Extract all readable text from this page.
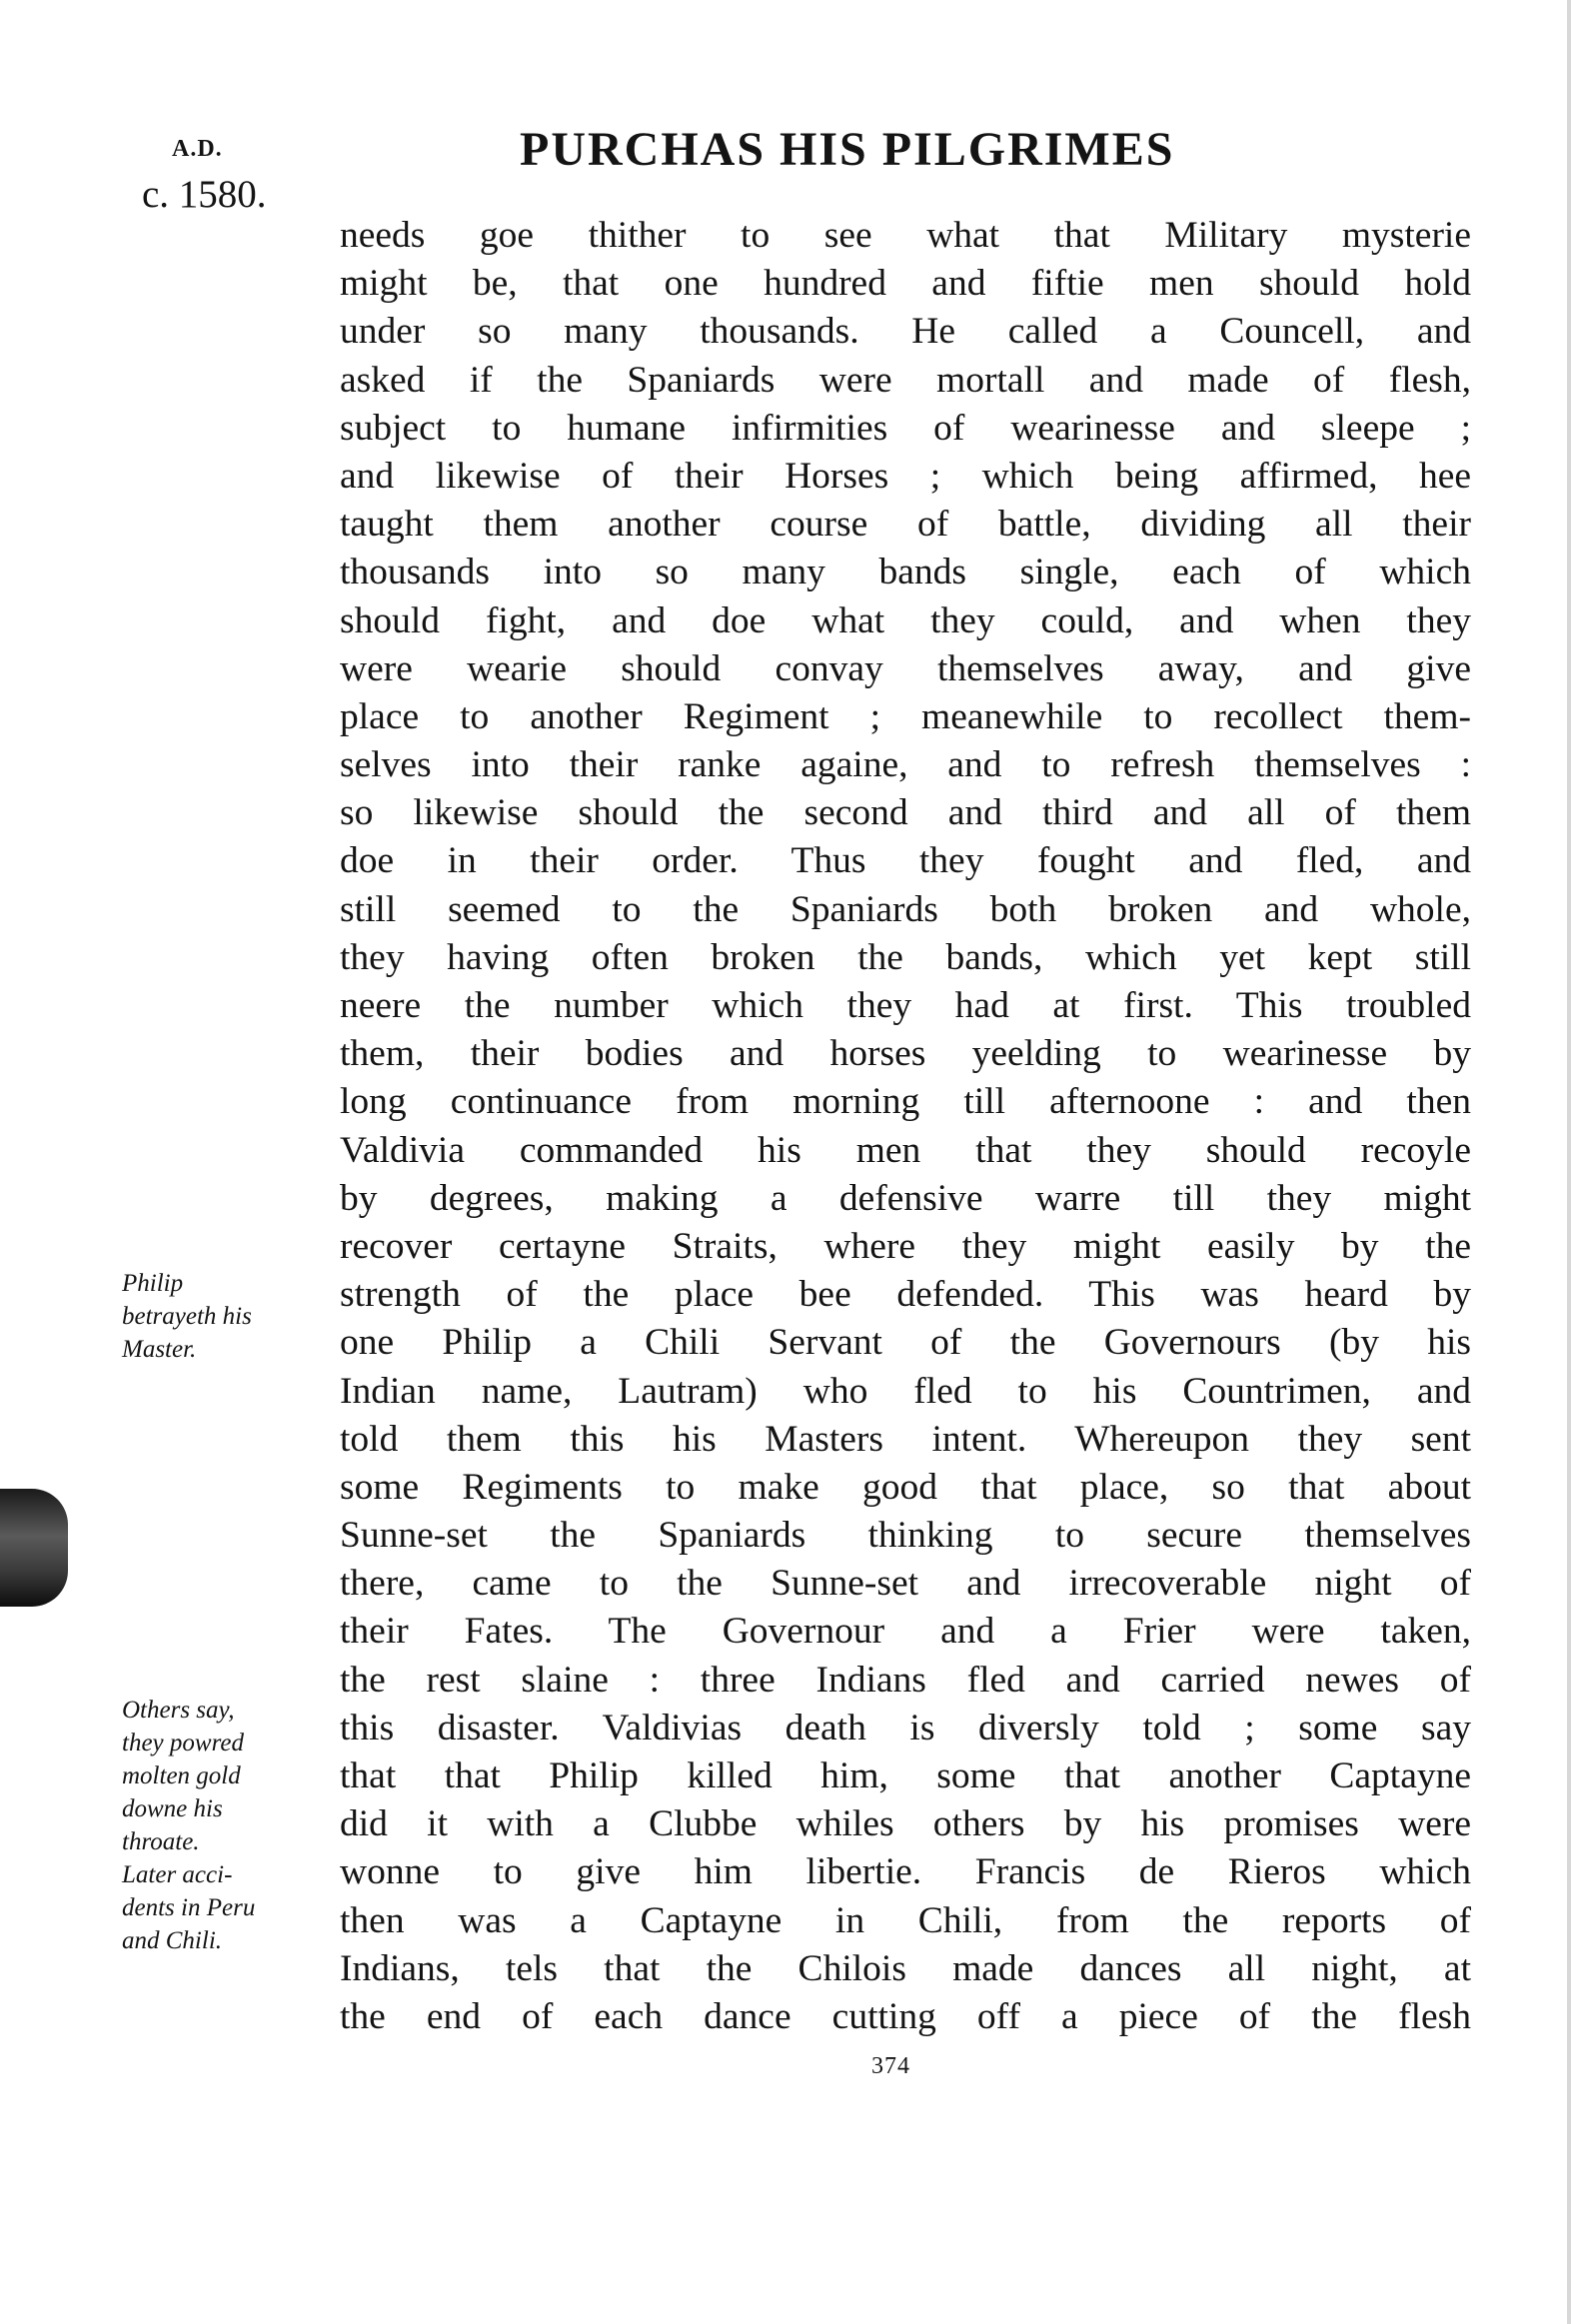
A.D.
c. 1580.
PURCHAS HIS PILGRIMES
needs goe thither to see what that Military mysterie
might be, that one hundred and fiftie men should hold
under so many thousands. He called a Councell, and
asked if the Spaniards were mortall and made of flesh,
subject to humane infirmities of wearinesse and sleepe ;
and likewise of their Horses ; which being affirmed, hee
taught them another course of battle, dividing all their
thousands into so many bands single, each of which
should fight, and doe what they could, and when they
were wearie should convay themselves away, and give
place to another Regiment ; meanewhile to recollect them-
selves into their ranke againe, and to refresh themselves :
so likewise should the second and third and all of them
doe in their order. Thus they fought and fled, and
still seemed to the Spaniards both broken and whole,
they having often broken the bands, which yet kept still
neere the number which they had at first. This troubled
them, their bodies and horses yeelding to wearinesse by
long continuance from morning till afternoone : and then
Valdivia commanded his men that they should recoyle
by degrees, making a defensive warre till they might
recover certayne Straits, where they might easily by the
strength of the place bee defended. This was heard by
one Philip a Chili Servant of the Governours (by his
Indian name, Lautram) who fled to his Countrimen, and
told them this his Masters intent. Whereupon they sent
some Regiments to make good that place, so that about
Sunne-set the Spaniards thinking to secure themselves
there, came to the Sunne-set and irrecoverable night of
their Fates. The Governour and a Frier were taken,
the rest slaine : three Indians fled and carried newes of
this disaster. Valdivias death is diversly told ; some say
that that Philip killed him, some that another Captayne
did it with a Clubbe whiles others by his promises were
wonne to give him libertie. Francis de Rieros which
then was a Captayne in Chili, from the reports of
Indians, tels that the Chilois made dances all night, at
the end of each dance cutting off a piece of the flesh
Philip
betrayeth his
Master.
Others say,
they powred
molten gold
downe his
throate.
Later acci-
dents in Peru
and Chili.
374
